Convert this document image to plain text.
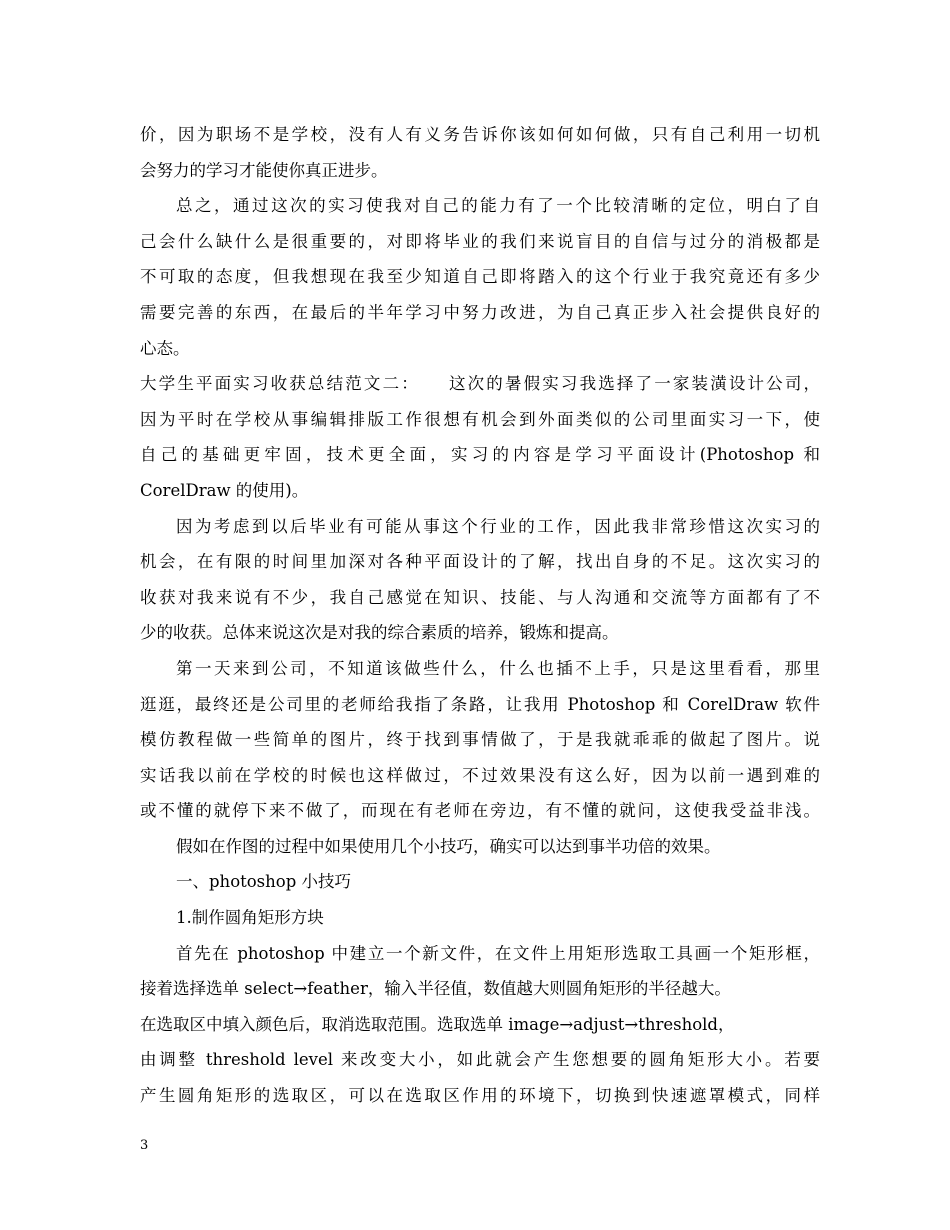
价，因为职场不是学校，没有人有义务告诉你该如何如何做，只有自己利用一切机
会努力的学习才能使你真正进步。
总之，通过这次的实习使我对自己的能力有了一个比较清晰的定位，明白了自
己会什么缺什么是很重要的，对即将毕业的我们来说盲目的自信与过分的消极都是
不可取的态度，但我想现在我至少知道自己即将踏入的这个行业于我究竟还有多少
需要完善的东西，在最后的半年学习中努力改进，为自己真正步入社会提供良好的
心态。
大学生平面实习收获总结范文二：　　这次的暑假实习我选择了一家装潢设计公司，
因为平时在学校从事编辑排版工作很想有机会到外面类似的公司里面实习一下，使
自己的基础更牢固，技术更全面，实习的内容是学习平面设计(Photoshop 和
CorelDraw 的使用)。
因为考虑到以后毕业有可能从事这个行业的工作，因此我非常珍惜这次实习的
机会，在有限的时间里加深对各种平面设计的了解，找出自身的不足。这次实习的
收获对我来说有不少，我自己感觉在知识、技能、与人沟通和交流等方面都有了不
少的收获。总体来说这次是对我的综合素质的培养，锻炼和提高。
第一天来到公司，不知道该做些什么，什么也插不上手，只是这里看看，那里
逛逛，最终还是公司里的老师给我指了条路，让我用 Photoshop 和 CorelDraw 软件
模仿教程做一些简单的图片，终于找到事情做了，于是我就乖乖的做起了图片。说
实话我以前在学校的时候也这样做过，不过效果没有这么好，因为以前一遇到难的
或不懂的就停下来不做了，而现在有老师在旁边，有不懂的就问，这使我受益非浅。
假如在作图的过程中如果使用几个小技巧，确实可以达到事半功倍的效果。
一、photoshop 小技巧
1.制作圆角矩形方块
首先在 photoshop 中建立一个新文件，在文件上用矩形选取工具画一个矩形框，
接着选择选单 select→feather，输入半径值，数值越大则圆角矩形的半径越大。
在选取区中填入颜色后，取消选取范围。选取选单 image→adjust→threshold，
由调整 threshold level 来改变大小，如此就会产生您想要的圆角矩形大小。若要
产生圆角矩形的选取区，可以在选取区作用的环境下，切换到快速遮罩模式，同样
3
